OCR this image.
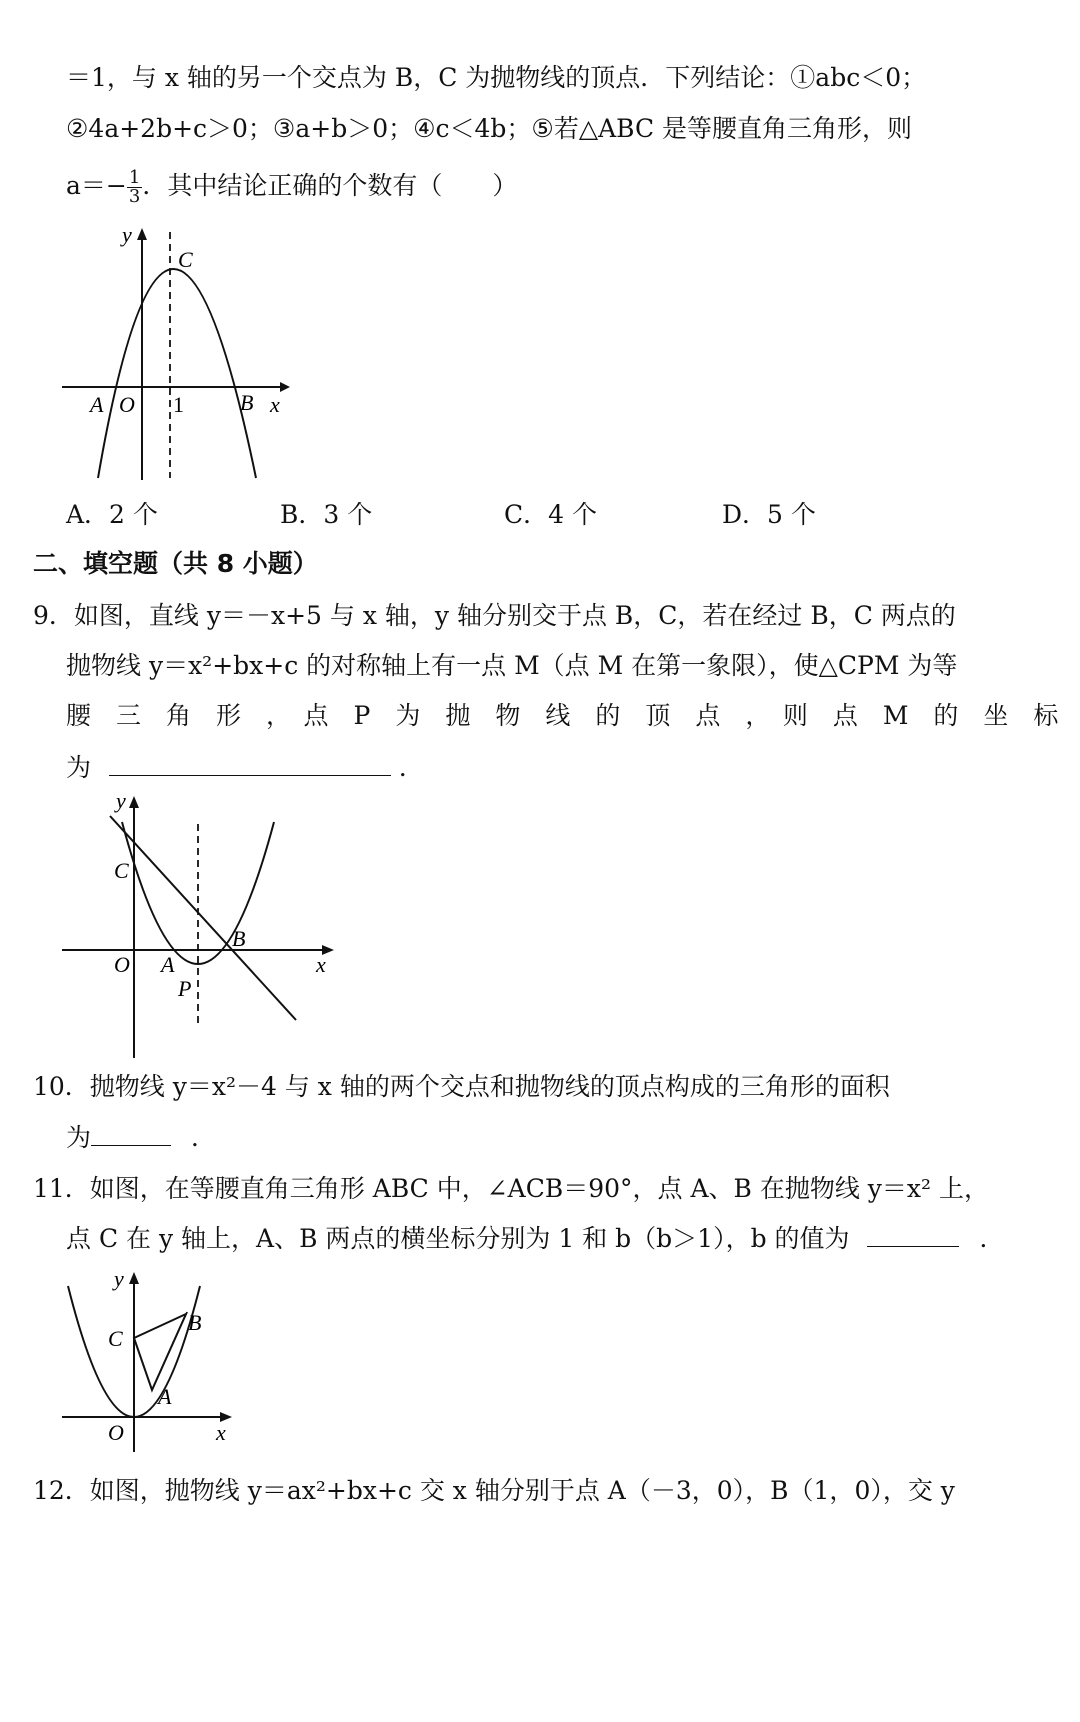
＝1，与 x 轴的另一个交点为 B，C 为抛物线的顶点．下列结论：①abc＜0；
②4a+2b+c＞0；③a+b＞0；④c＜4b；⑤若△ABC 是等腰直角三角形，则
$a=- \frac{1}{3}$ ．其中结论正确的个数有（　　）
y
C
A O 1	B x
A．2 个	B．3 个	C．4 个	D．5 个
二、填空题（共 8 小题）
9．如图，直线 y＝－x+5 与 x 轴，y 轴分别交于点 B，C，若在经过 B，C 两点的
抛物线 y＝x²+bx+c 的对称轴上有一点 M（点 M 在第一象限），使△CPM 为等
腰　三　角　形　，　点　P　为　抛　物　线　的　顶　点　，　则　点　M　的　坐　标
为	．
y
C
B
O A	x
P
10．抛物线 y＝x²－4 与 x 轴的两个交点和抛物线的顶点构成的三角形的面积
为	．
11．如图，在等腰直角三角形 ABC 中，∠ACB＝90°，点 A、B 在抛物线 y＝x² 上，
点 C 在 y 轴上，A、B 两点的横坐标分别为 1 和 b（b＞1），b 的值为	．
y
B
C
A
O	x
12．如图，抛物线 y＝ax²+bx+c 交 x 轴分别于点 A（－3，0），B（1，0），交 y
